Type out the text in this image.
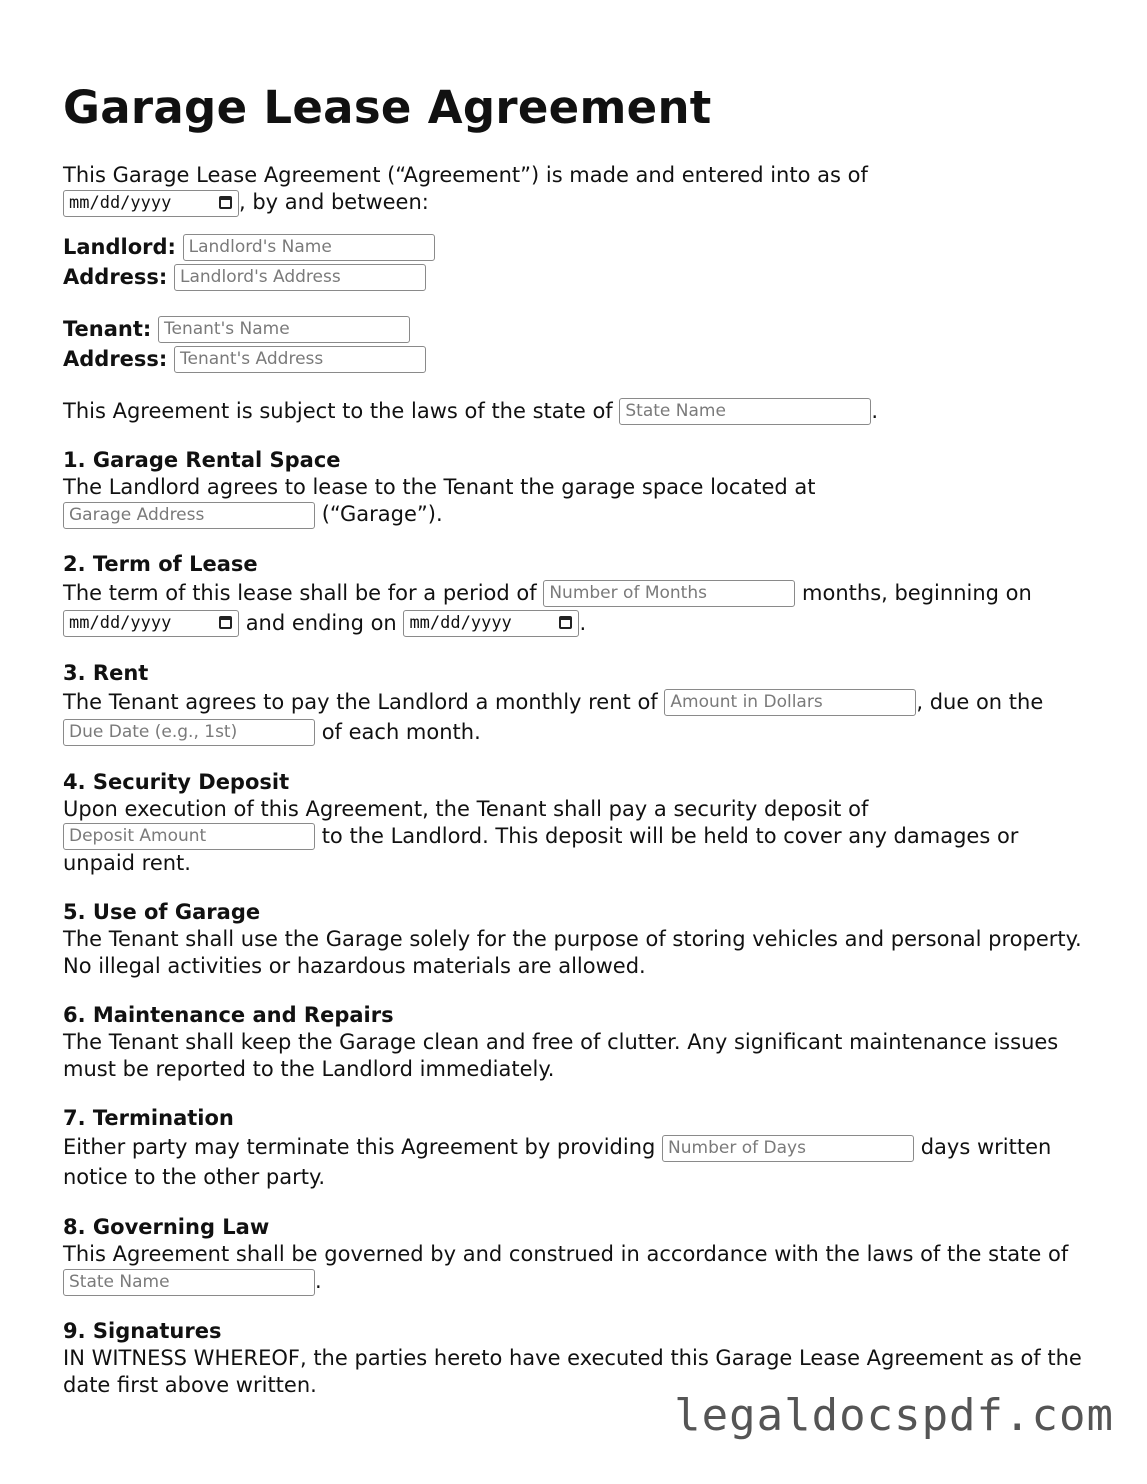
Garage Lease Agreement

This Garage Lease Agreement (“Agreement”) is made and entered into as of
mm/dd/yyyy	, by and between:

Landlord: Landlord's Name
Address: Landlord's Address
Tenant: Tenant's Name
Address: Tenant's Address

This Agreement is subject to the laws of the state of State Name	.

1. Garage Rental Space

The Landlord agrees to lease to the Tenant the garage space located at
Garage Address	(“Garage”).

2. Term of Lease

The term of this lease shall be for a period of Number of Months	months, beginning on
mm/dd/yyyy	and ending on mm/dd/yyyy	.

3. Rent

The Tenant agrees to pay the Landlord a monthly rent of Amount in Dollars	, due on the Due Date (e.g., 1st)	of each month.

4. Security Deposit

Upon execution of this Agreement, the Tenant shall pay a security deposit of
Deposit Amount	to the Landlord. This deposit will be held to cover any damages or unpaid rent.

5. Use of Garage

The Tenant shall use the Garage solely for the purpose of storing vehicles and personal property. No illegal activities or hazardous materials are allowed.

6. Maintenance and Repairs

The Tenant shall keep the Garage clean and free of clutter. Any significant maintenance issues must be reported to the Landlord immediately.

7. Termination

Either party may terminate this Agreement by providing Number of Days	days written notice to the other party.

8. Governing Law

This Agreement shall be governed by and construed in accordance with the laws of the state of State Name	.

9. Signatures

IN WITNESS WHEREOF, the parties hereto have executed this Garage Lease Agreement as of the date first above written.

legaldocspdf.com
